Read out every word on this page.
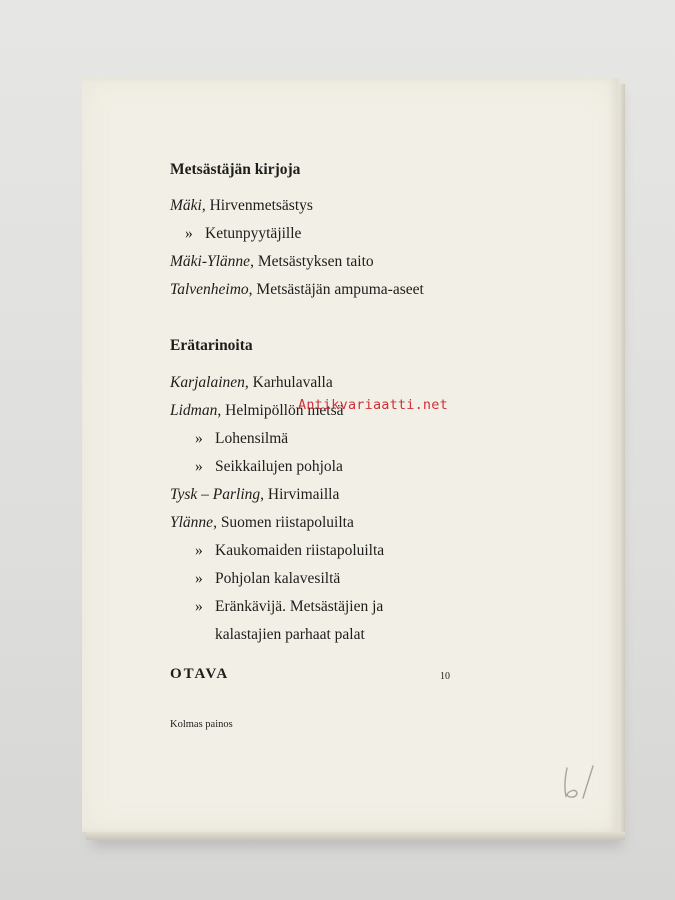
Metsästäjän kirjoja
Mäki, Hirvenmetsästys
» Ketunpyytäjille
Mäki-Ylänne, Metsästyksen taito
Talvenheimo, Metsästäjän ampuma-aseet
Erätarinoita
Karjalainen, Karhulavalla
Lidman, Helmipöllön metsä
» Lohensilmä
» Seikkailujen pohjola
Tysk – Parling, Hirvimailla
Ylänne, Suomen riistapoluilta
» Kaukomaiden riistapoluilta
» Pohjolan kalavesiltä
» Eränkävijä. Metsästäjien ja
kalastajien parhaat palat
OTAVA	10
Kolmas painos
Antikvariaatti.net
